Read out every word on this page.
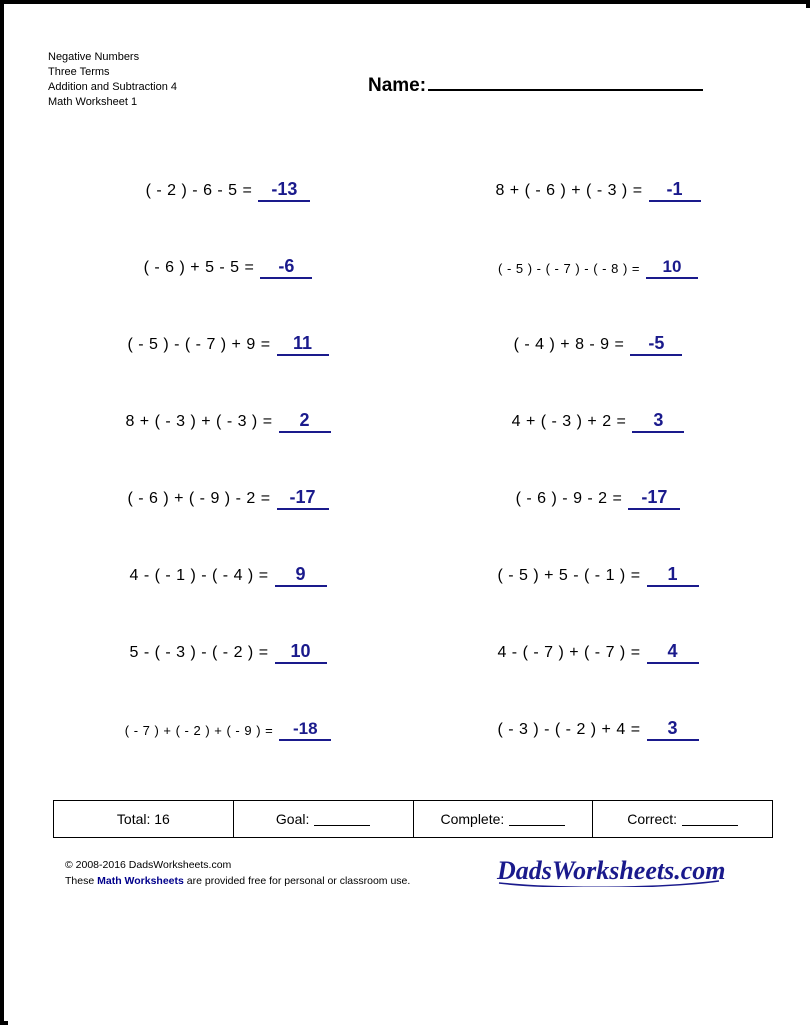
Negative Numbers
Three Terms
Addition and Subtraction 4
Math Worksheet 1
Name:
( - 2 ) - 6 - 5 =	-13	8 + ( - 6 ) + ( - 3 ) =	-1
( - 6 ) + 5 - 5 =	-6	( - 5 ) - ( - 7 ) - ( - 8 ) =	10
( - 5 ) - ( - 7 ) + 9 =	11	( - 4 ) + 8 - 9 =	-5
8 + ( - 3 ) + ( - 3 ) =	2	4 + ( - 3 ) + 2 =	3
( - 6 ) + ( - 9 ) - 2 =	-17	( - 6 ) - 9 - 2 =	-17
4 - ( - 1 ) - ( - 4 ) =	9	( - 5 ) + 5 - ( - 1 ) =	1
5 - ( - 3 ) - ( - 2 ) =	10	4 - ( - 7 ) + ( - 7 ) =	4
( - 7 ) + ( - 2 ) + ( - 9 ) =	-18	( - 3 ) - ( - 2 ) + 4 =	3
Total: 16	Goal:	Complete:	Correct:
© 2008-2016 DadsWorksheets.com
These Math Worksheets are provided free for personal or classroom use.	DadsWorksheets.com
